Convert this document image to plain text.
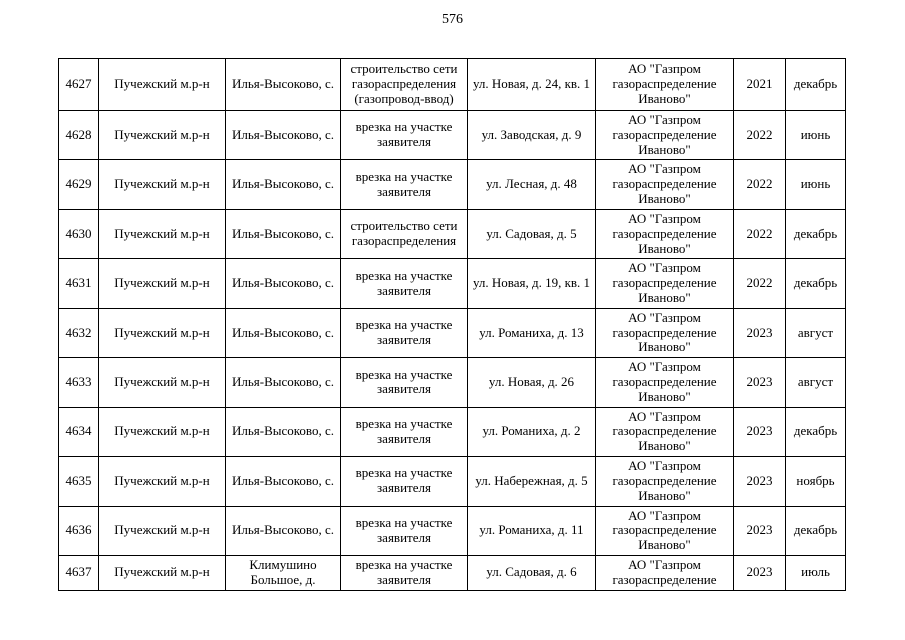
576
4627	Пучежский м.р-н	Илья-Высоково, с.	строительство сети газораспределения (газопровод-ввод)	ул. Новая, д. 24, кв. 1	АО "Газпром газораспределение Иваново"	2021	декабрь
4628	Пучежский м.р-н	Илья-Высоково, с.	врезка на участке заявителя	ул. Заводская, д. 9	АО "Газпром газораспределение Иваново"	2022	июнь
4629	Пучежский м.р-н	Илья-Высоково, с.	врезка на участке заявителя	ул. Лесная, д. 48	АО "Газпром газораспределение Иваново"	2022	июнь
4630	Пучежский м.р-н	Илья-Высоково, с.	строительство сети газораспределения	ул. Садовая, д. 5	АО "Газпром газораспределение Иваново"	2022	декабрь
4631	Пучежский м.р-н	Илья-Высоково, с.	врезка на участке заявителя	ул. Новая, д. 19, кв. 1	АО "Газпром газораспределение Иваново"	2022	декабрь
4632	Пучежский м.р-н	Илья-Высоково, с.	врезка на участке заявителя	ул. Романиха, д. 13	АО "Газпром газораспределение Иваново"	2023	август
4633	Пучежский м.р-н	Илья-Высоково, с.	врезка на участке заявителя	ул. Новая, д. 26	АО "Газпром газораспределение Иваново"	2023	август
4634	Пучежский м.р-н	Илья-Высоково, с.	врезка на участке заявителя	ул. Романиха, д. 2	АО "Газпром газораспределение Иваново"	2023	декабрь
4635	Пучежский м.р-н	Илья-Высоково, с.	врезка на участке заявителя	ул. Набережная, д. 5	АО "Газпром газораспределение Иваново"	2023	ноябрь
4636	Пучежский м.р-н	Илья-Высоково, с.	врезка на участке заявителя	ул. Романиха, д. 11	АО "Газпром газораспределение Иваново"	2023	декабрь
4637	Пучежский м.р-н	Климушино Большое, д.	врезка на участке заявителя	ул. Садовая, д. 6	АО "Газпром газораспределение	2023	июль
